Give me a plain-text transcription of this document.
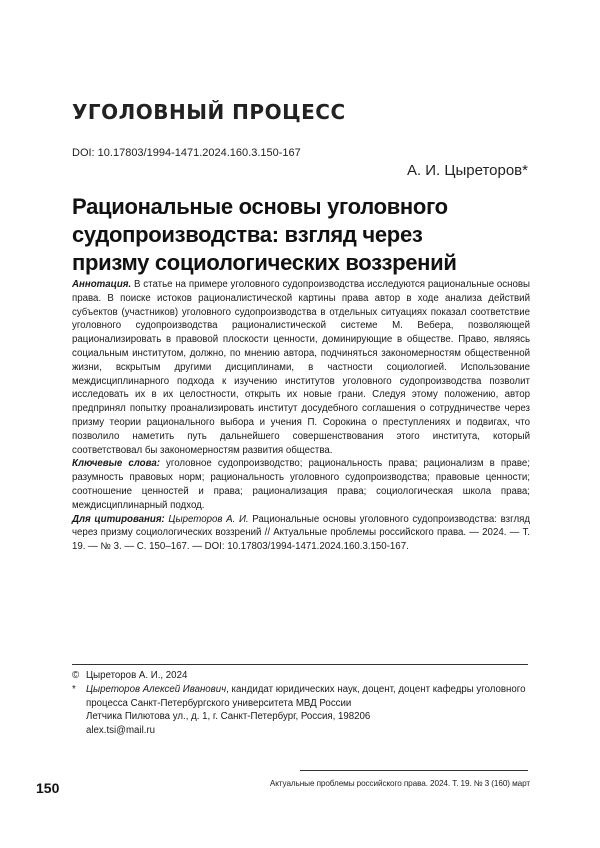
УГОЛОВНЫЙ ПРОЦЕСС
DOI: 10.17803/1994-1471.2024.160.3.150-167
А. И. Цыреторов*
Рациональные основы уголовного судопроизводства: взгляд через призму социологических воззрений

Аннотация. В статье на примере уголовного судопроизводства исследуются рациональные основы права. В поиске истоков рационалистической картины права автор в ходе анализа действий субъектов (участников) уголовного судопроизводства в отдельных ситуациях показал соответствие уголовного судопроизводства рационалистической системе М. Вебера, позволяющей рационализировать в правовой плоскости ценности, доминирующие в обществе. Право, являясь социальным институтом, должно, по мнению автора, подчиняться закономерностям общественной жизни, вскрытым другими дисциплинами, в частности социологией. Использование междисциплинарного подхода к изучению институтов уголовного судопроизводства позволит исследовать их в их целостности, открыть их новые грани. Следуя этому положению, автор предпринял попытку проанализировать институт досудебного соглашения о сотрудничестве через призму теории рационального выбора и учения П. Сорокина о преступлениях и подвигах, что позволило наметить путь дальнейшего совершенствования этого института, который соответствовал бы закономерностям развития общества.

Ключевые слова: уголовное судопроизводство; рациональность права; рационализм в праве; разумность правовых норм; рациональность уголовного судопроизводства; правовые ценности; соотношение ценностей и права; рационализация права; социологическая школа права; междисциплинарный подход.

Для цитирования: Цыреторов А. И. Рациональные основы уголовного судопроизводства: взгляд через призму социологических воззрений // Актуальные проблемы российского права. — 2024. — Т. 19. — № 3. — С. 150–167. — DOI: 10.17803/1994-1471.2024.160.3.150-167.

© Цыреторов А. И., 2024

* Цыреторов Алексей Иванович, кандидат юридических наук, доцент, доцент кафедры уголовного процесса Санкт-Петербургского университета МВД России

Летчика Пилютова ул., д. 1, г. Санкт-Петербург, Россия, 198206

alex.tsi@mail.ru

150	Актуальные проблемы российского права. 2024. Т. 19. № 3 (160) март
